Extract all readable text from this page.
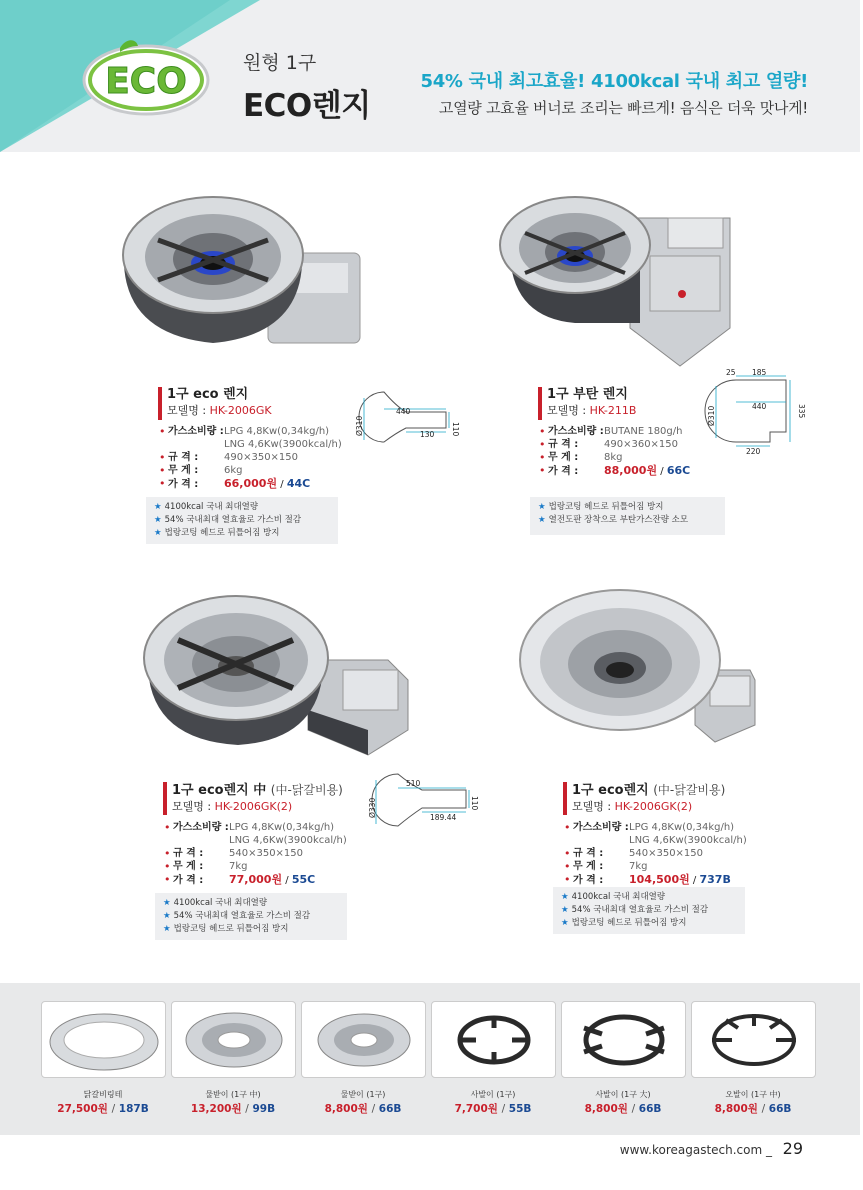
ECO	원형 1구
ECO렌지
54% 국내 최고효율! 4100kcal 국내 최고 열량!
고열량 고효율 버너로 조리는 빠르게! 음식은 더욱 맛나게!
440
110
130
Ø310
1구 eco 렌지
모델명 : HK-2006GK
• 가스소비량 :LPG 4,8Kw(0,34kg/h)
LNG 4,6Kw(3900kcal/h)
• 규 격 :	490×350×150
• 무 게 :	6kg
• 가 격 : 66,000원 / 44C
★ 4100kcal 국내 최대열량
★ 54% 국내최대 열효율로 가스비 절감
★ 법랑코팅 헤드로 뒤틀어짐 방지
185
25
440	335
220
Ø310
1구 부탄 렌지
모델명 : HK-211B
• 가스소비량 :BUTANE 180g/h
• 규 격 :	490×360×150
• 무 게 :	8kg
• 가 격 : 88,000원 / 66C
★ 법랑코팅 헤드로 뒤틀어짐 방지
★ 열전도판 장착으로 부탄가스잔량 소모
510
110
189.44
Ø330
1구 eco렌지 中 (中-닭갈비용)
모델명 : HK-2006GK(2)
• 가스소비량 :LPG 4,8Kw(0,34kg/h)
LNG 4,6Kw(3900kcal/h)
• 규 격 :	540×350×150
• 무 게 :	7kg
• 가 격 : 77,000원 / 55C
★ 4100kcal 국내 최대열량
★ 54% 국내최대 열효율로 가스비 절감
★ 법랑코팅 헤드로 뒤틀어짐 방지
1구 eco렌지 (中-닭갈비용)
모델명 : HK-2006GK(2)
• 가스소비량 :LPG 4,8Kw(0,34kg/h)
LNG 4,6Kw(3900kcal/h)
• 규 격 :	540×350×150
• 무 게 :	7kg
• 가 격 : 104,500원 / 737B
★ 4100kcal 국내 최대열량
★ 54% 국내최대 열효율로 가스비 절감
★ 법랑코팅 헤드로 뒤틀어짐 방지
닭갈비링테
27,500원 / 187B
물받이 (1구 中)
13,200원 / 99B
물받이 (1구)
8,800원 / 66B
사발이 (1구)
7,700원 / 55B
사발이 (1구 大)
8,800원 / 66B
오발이 (1구 中)
8,800원 / 66B
www.koreagastech.com _ 29
